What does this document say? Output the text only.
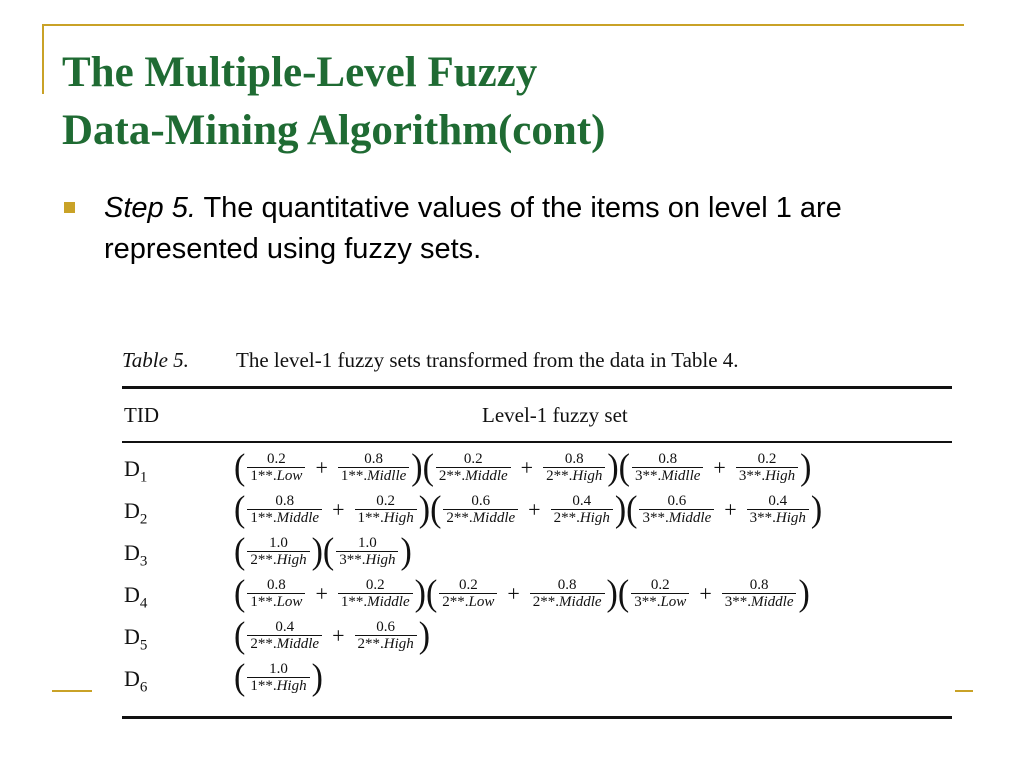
The Multiple-Level Fuzzy
Data-Mining Algorithm(cont)
Step 5. The quantitative values of the items on level 1 are represented using fuzzy sets.
Table 5. The level-1 fuzzy sets transformed from the data in Table 4.
TID	Level-1 fuzzy set
$D_1$	( $\frac{0.2}{\text{1**.Low}} + \frac{0.8}{\text{1**.Midlle}}$ ) ( $\frac{0.2}{\text{2**.Middle}} + \frac{0.8}{\text{2**.High}}$ ) ( $\frac{0.8}{\text{3**.Midlle}} + \frac{0.2}{\text{3**.High}}$ )
$D_2$	( $\frac{0.8}{\text{1**.Middle}} + \frac{0.2}{\text{1**.High}}$ ) ( $\frac{0.6}{\text{2**.Middle}} + \frac{0.4}{\text{2**.High}}$ ) ( $\frac{0.6}{\text{3**.Middle}} + \frac{0.4}{\text{3**.High}}$ )
$D_3$	( $\frac{1.0}{\text{2**.High}}$ ) ( $\frac{1.0}{\text{3**.High}}$ )
$D_4$	( $\frac{0.8}{\text{1**.Low}} + \frac{0.2}{\text{1**.Middle}}$ ) ( $\frac{0.2}{\text{2**.Low}} + \frac{0.8}{\text{2**.Middle}}$ ) ( $\frac{0.2}{\text{3**.Low}} + \frac{0.8}{\text{3**.Middle}}$ )
$D_5$	( $\frac{0.4}{\text{2**.Middle}} + \frac{0.6}{\text{2**.High}}$ )
$D_6$	( $\frac{1.0}{\text{1**.High}}$ )
